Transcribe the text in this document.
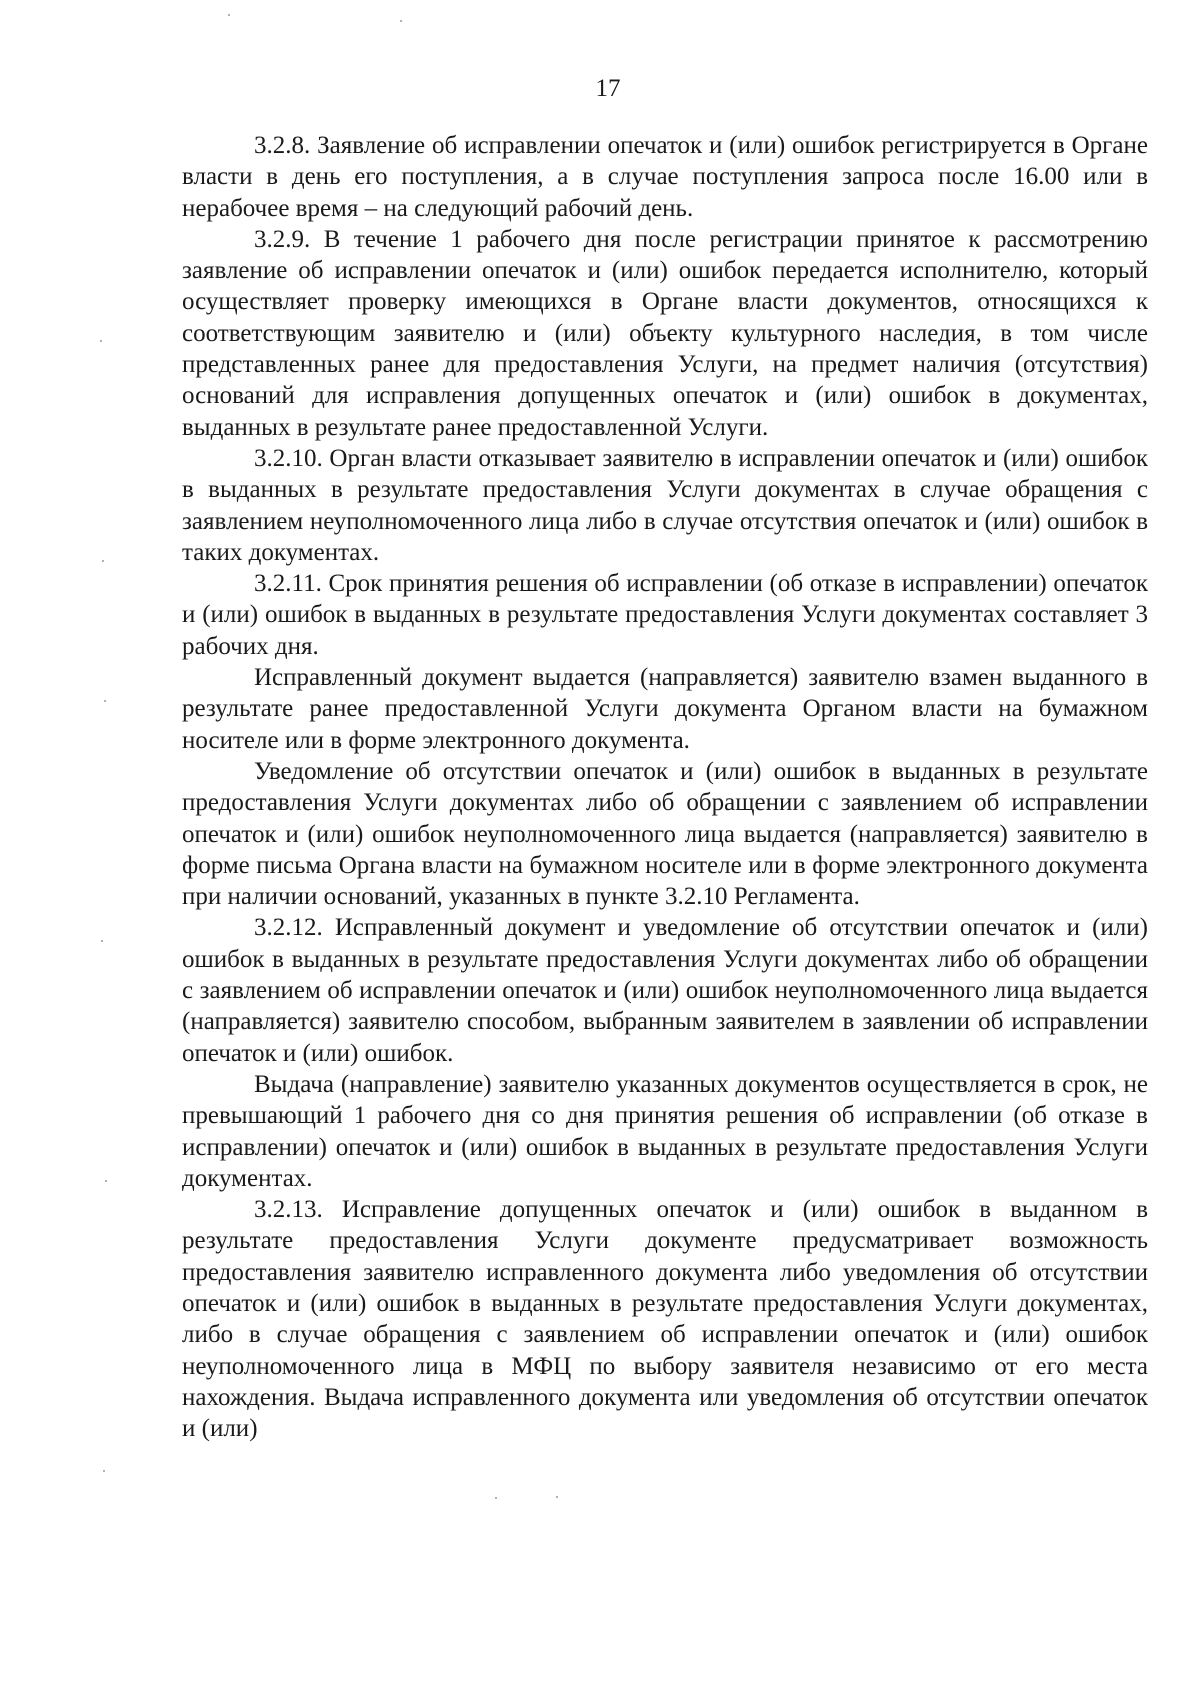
17

3.2.8. Заявление об исправлении опечаток и (или) ошибок регистрируется в Органе власти в день его поступления, а в случае поступления запроса после 16.00 или в нерабочее время – на следующий рабочий день.

3.2.9. В течение 1 рабочего дня после регистрации принятое к рассмотрению заявление об исправлении опечаток и (или) ошибок передается исполнителю, который осуществляет проверку имеющихся в Органе власти документов, относящихся к соответствующим заявителю и (или) объекту культурного наследия, в том числе представленных ранее для предоставления Услуги, на предмет наличия (отсутствия) оснований для исправления допущенных опечаток и (или) ошибок в документах, выданных в результате ранее предоставленной Услуги.

3.2.10. Орган власти отказывает заявителю в исправлении опечаток и (или) ошибок в выданных в результате предоставления Услуги документах в случае обращения с заявлением неуполномоченного лица либо в случае отсутствия опечаток и (или) ошибок в таких документах.

3.2.11. Срок принятия решения об исправлении (об отказе в исправлении) опечаток и (или) ошибок в выданных в результате предоставления Услуги документах составляет 3 рабочих дня.

Исправленный документ выдается (направляется) заявителю взамен выданного в результате ранее предоставленной Услуги документа Органом власти на бумажном носителе или в форме электронного документа.

Уведомление об отсутствии опечаток и (или) ошибок в выданных в результате предоставления Услуги документах либо об обращении с заявлением об исправлении опечаток и (или) ошибок неуполномоченного лица выдается (направляется) заявителю в форме письма Органа власти на бумажном носителе или в форме электронного документа при наличии оснований, указанных в пункте 3.2.10 Регламента.

3.2.12. Исправленный документ и уведомление об отсутствии опечаток и (или) ошибок в выданных в результате предоставления Услуги документах либо об обращении с заявлением об исправлении опечаток и (или) ошибок неуполномоченного лица выдается (направляется) заявителю способом, выбранным заявителем в заявлении об исправлении опечаток и (или) ошибок.

Выдача (направление) заявителю указанных документов осуществляется в срок, не превышающий 1 рабочего дня со дня принятия решения об исправлении (об отказе в исправлении) опечаток и (или) ошибок в выданных в результате предоставления Услуги документах.

3.2.13. Исправление допущенных опечаток и (или) ошибок в выданном в результате предоставления Услуги документе предусматривает возможность предоставления заявителю исправленного документа либо уведомления об отсутствии опечаток и (или) ошибок в выданных в результате предоставления Услуги документах, либо в случае обращения с заявлением об исправлении опечаток и (или) ошибок неуполномоченного лица в МФЦ по выбору заявителя независимо от его места нахождения. Выдача исправленного документа или уведомления об отсутствии опечаток и (или)
